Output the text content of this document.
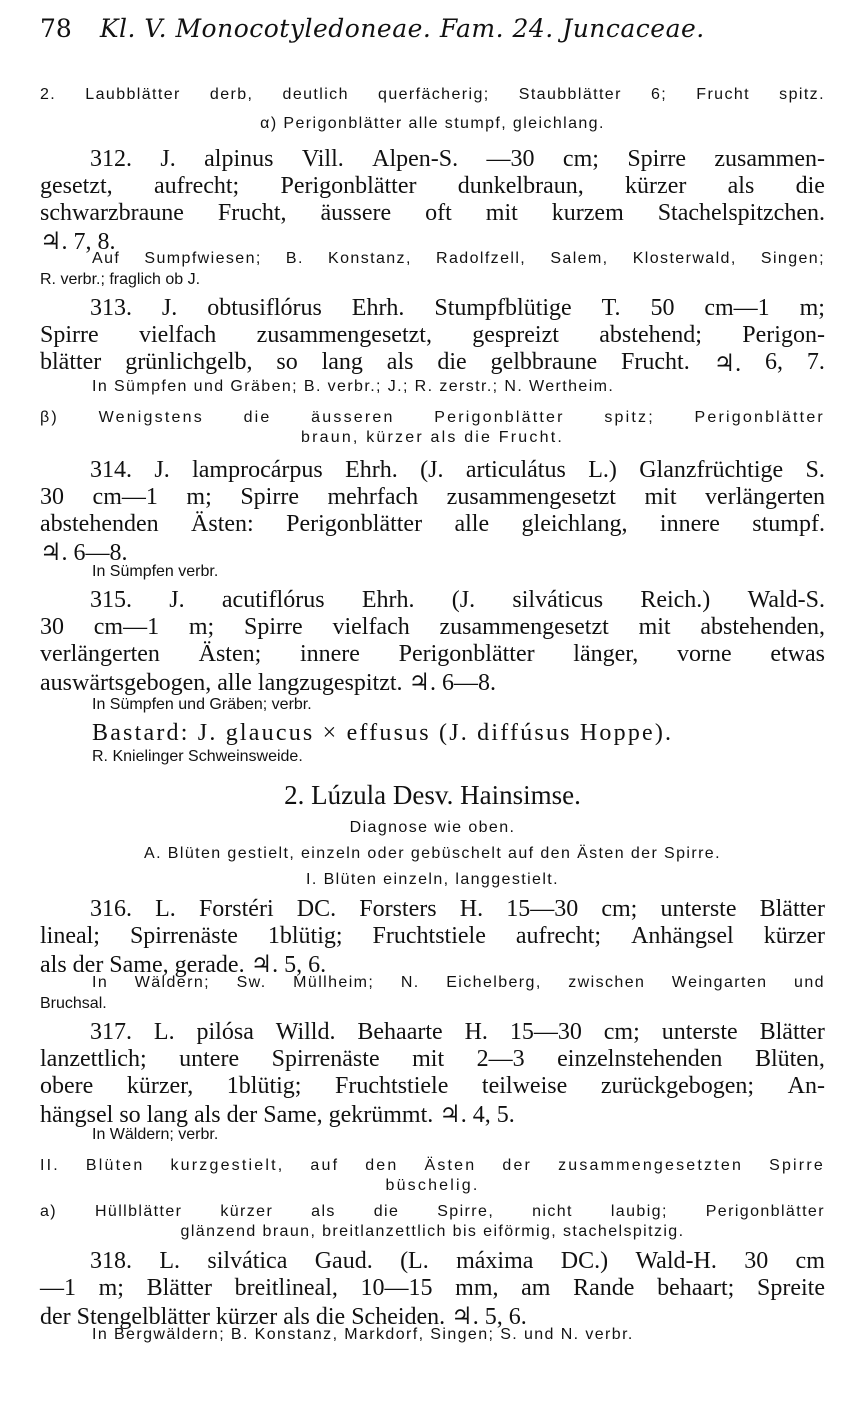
78 Kl. V. Monocotyledoneae. Fam. 24. Juncaceae.
2. Laubblätter derb, deutlich querfächerig; Staubblätter 6; Frucht spitz.
α) Perigonblätter alle stumpf, gleichlang.
312. J. alpinus Vill. Alpen-S. —30 cm; Spirre zusammen-
gesetzt, aufrecht; Perigonblätter dunkelbraun, kürzer als die
schwarzbraune Frucht, äussere oft mit kurzem Stachelspitzchen.
♃. 7, 8.
Auf Sumpfwiesen; B. Konstanz, Radolfzell, Salem, Klosterwald, Singen;
R. verbr.; fraglich ob J.
313. J. obtusiflórus Ehrh. Stumpfblütige T. 50 cm—1 m;
Spirre vielfach zusammengesetzt, gespreizt abstehend; Perigon-
blätter grünlichgelb, so lang als die gelbbraune Frucht. ♃. 6, 7.
In Sümpfen und Gräben; B. verbr.; J.; R. zerstr.; N. Wertheim.
β) Wenigstens die äusseren Perigonblätter spitz; Perigonblätter
braun, kürzer als die Frucht.
314. J. lamprocárpus Ehrh. (J. articulátus L.) Glanzfrüchtige S.
30 cm—1 m; Spirre mehrfach zusammengesetzt mit verlängerten
abstehenden Ästen: Perigonblätter alle gleichlang, innere stumpf.
♃. 6—8.
In Sümpfen verbr.
315. J. acutiflórus Ehrh. (J. silváticus Reich.) Wald-S.
30 cm—1 m; Spirre vielfach zusammengesetzt mit abstehenden,
verlängerten Ästen; innere Perigonblätter länger, vorne etwas
auswärtsgebogen, alle langzugespitzt. ♃. 6—8.
In Sümpfen und Gräben; verbr.
Bastard: J. glaucus × effusus (J. diffúsus Hoppe).
R. Knielinger Schweinsweide.
2. Lúzula Desv. Hainsimse.
Diagnose wie oben.
A. Blüten gestielt, einzeln oder gebüschelt auf den Ästen der Spirre.
I. Blüten einzeln, langgestielt.
316. L. Forstéri DC. Forsters H. 15—30 cm; unterste Blätter
lineal; Spirrenäste 1blütig; Fruchtstiele aufrecht; Anhängsel kürzer
als der Same, gerade. ♃. 5, 6.
In Wäldern; Sw. Müllheim; N. Eichelberg, zwischen Weingarten und
Bruchsal.
317. L. pilósa Willd. Behaarte H. 15—30 cm; unterste Blätter
lanzettlich; untere Spirrenäste mit 2—3 einzelnstehenden Blüten,
obere kürzer, 1blütig; Fruchtstiele teilweise zurückgebogen; An-
hängsel so lang als der Same, gekrümmt. ♃. 4, 5.
In Wäldern; verbr.
II. Blüten kurzgestielt, auf den Ästen der zusammengesetzten Spirre
büschelig.
a) Hüllblätter kürzer als die Spirre, nicht laubig; Perigonblätter
glänzend braun, breitlanzettlich bis eiförmig, stachelspitzig.
318. L. silvática Gaud. (L. máxima DC.) Wald-H. 30 cm
—1 m; Blätter breitlineal, 10—15 mm, am Rande behaart; Spreite
der Stengelblätter kürzer als die Scheiden. ♃. 5, 6.
In Bergwäldern; B. Konstanz, Markdorf, Singen; S. und N. verbr.
